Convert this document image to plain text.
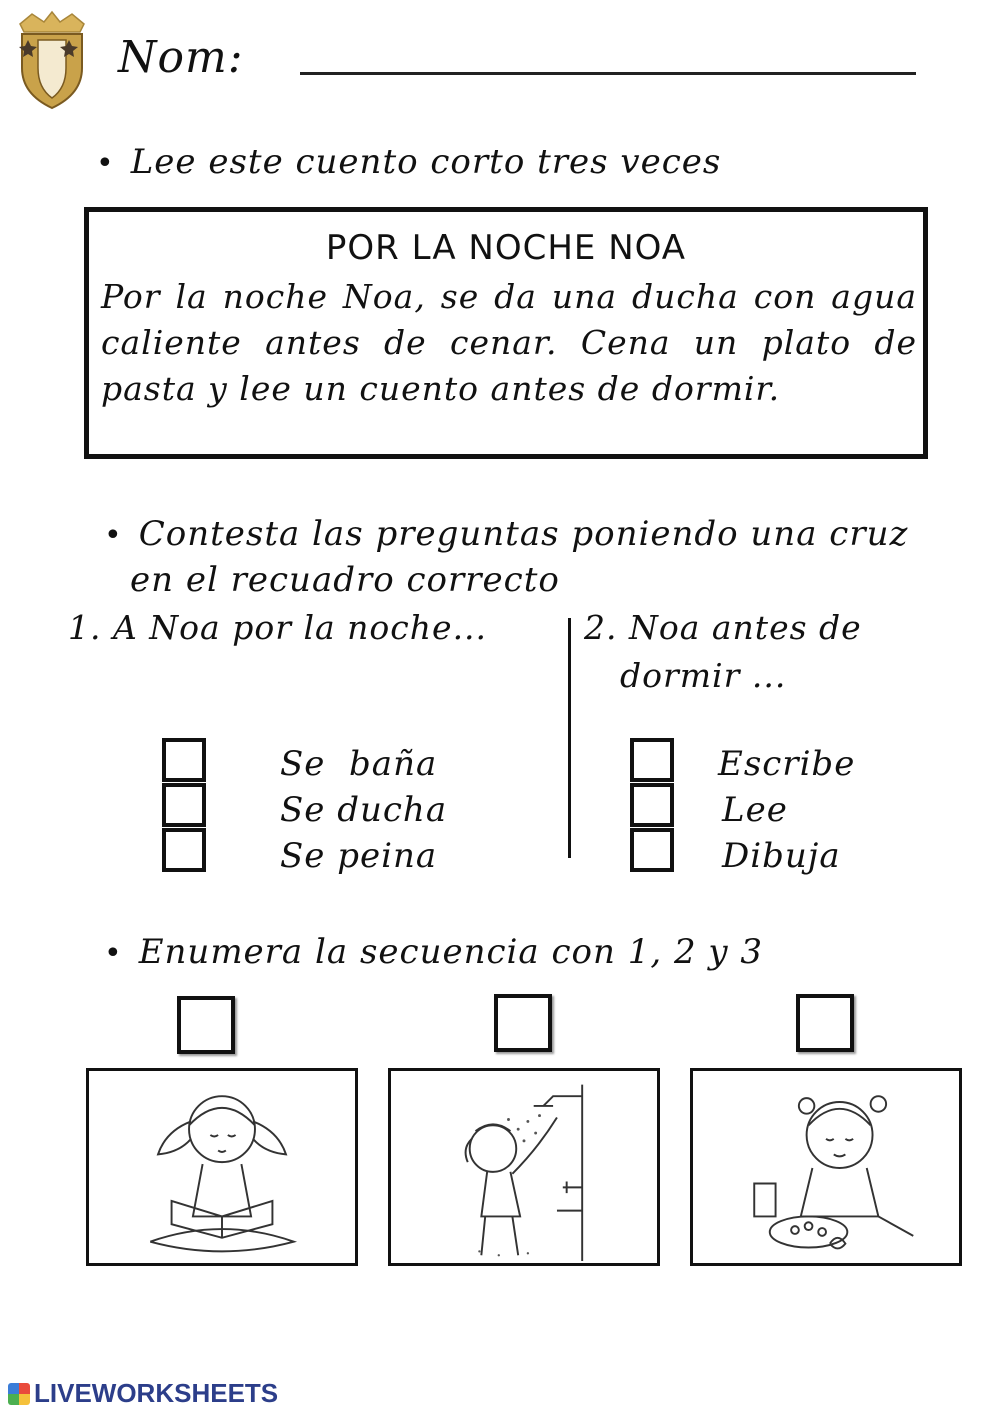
Nom:
• Lee este cuento corto tres veces
POR LA NOCHE NOA
Por la noche Noa, se da una ducha con agua caliente antes de cenar. Cena un plato de pasta y lee un cuento antes de dormir.
• Contesta las preguntas poniendo una cruz
en el recuadro correcto
1. A Noa por la noche...
Se  baña
Se ducha
Se peina
2. Noa antes de
dormir ...
Escribe
Lee
Dibuja
• Enumera la secuencia con 1, 2 y 3
LIVEWORKSHEETS
